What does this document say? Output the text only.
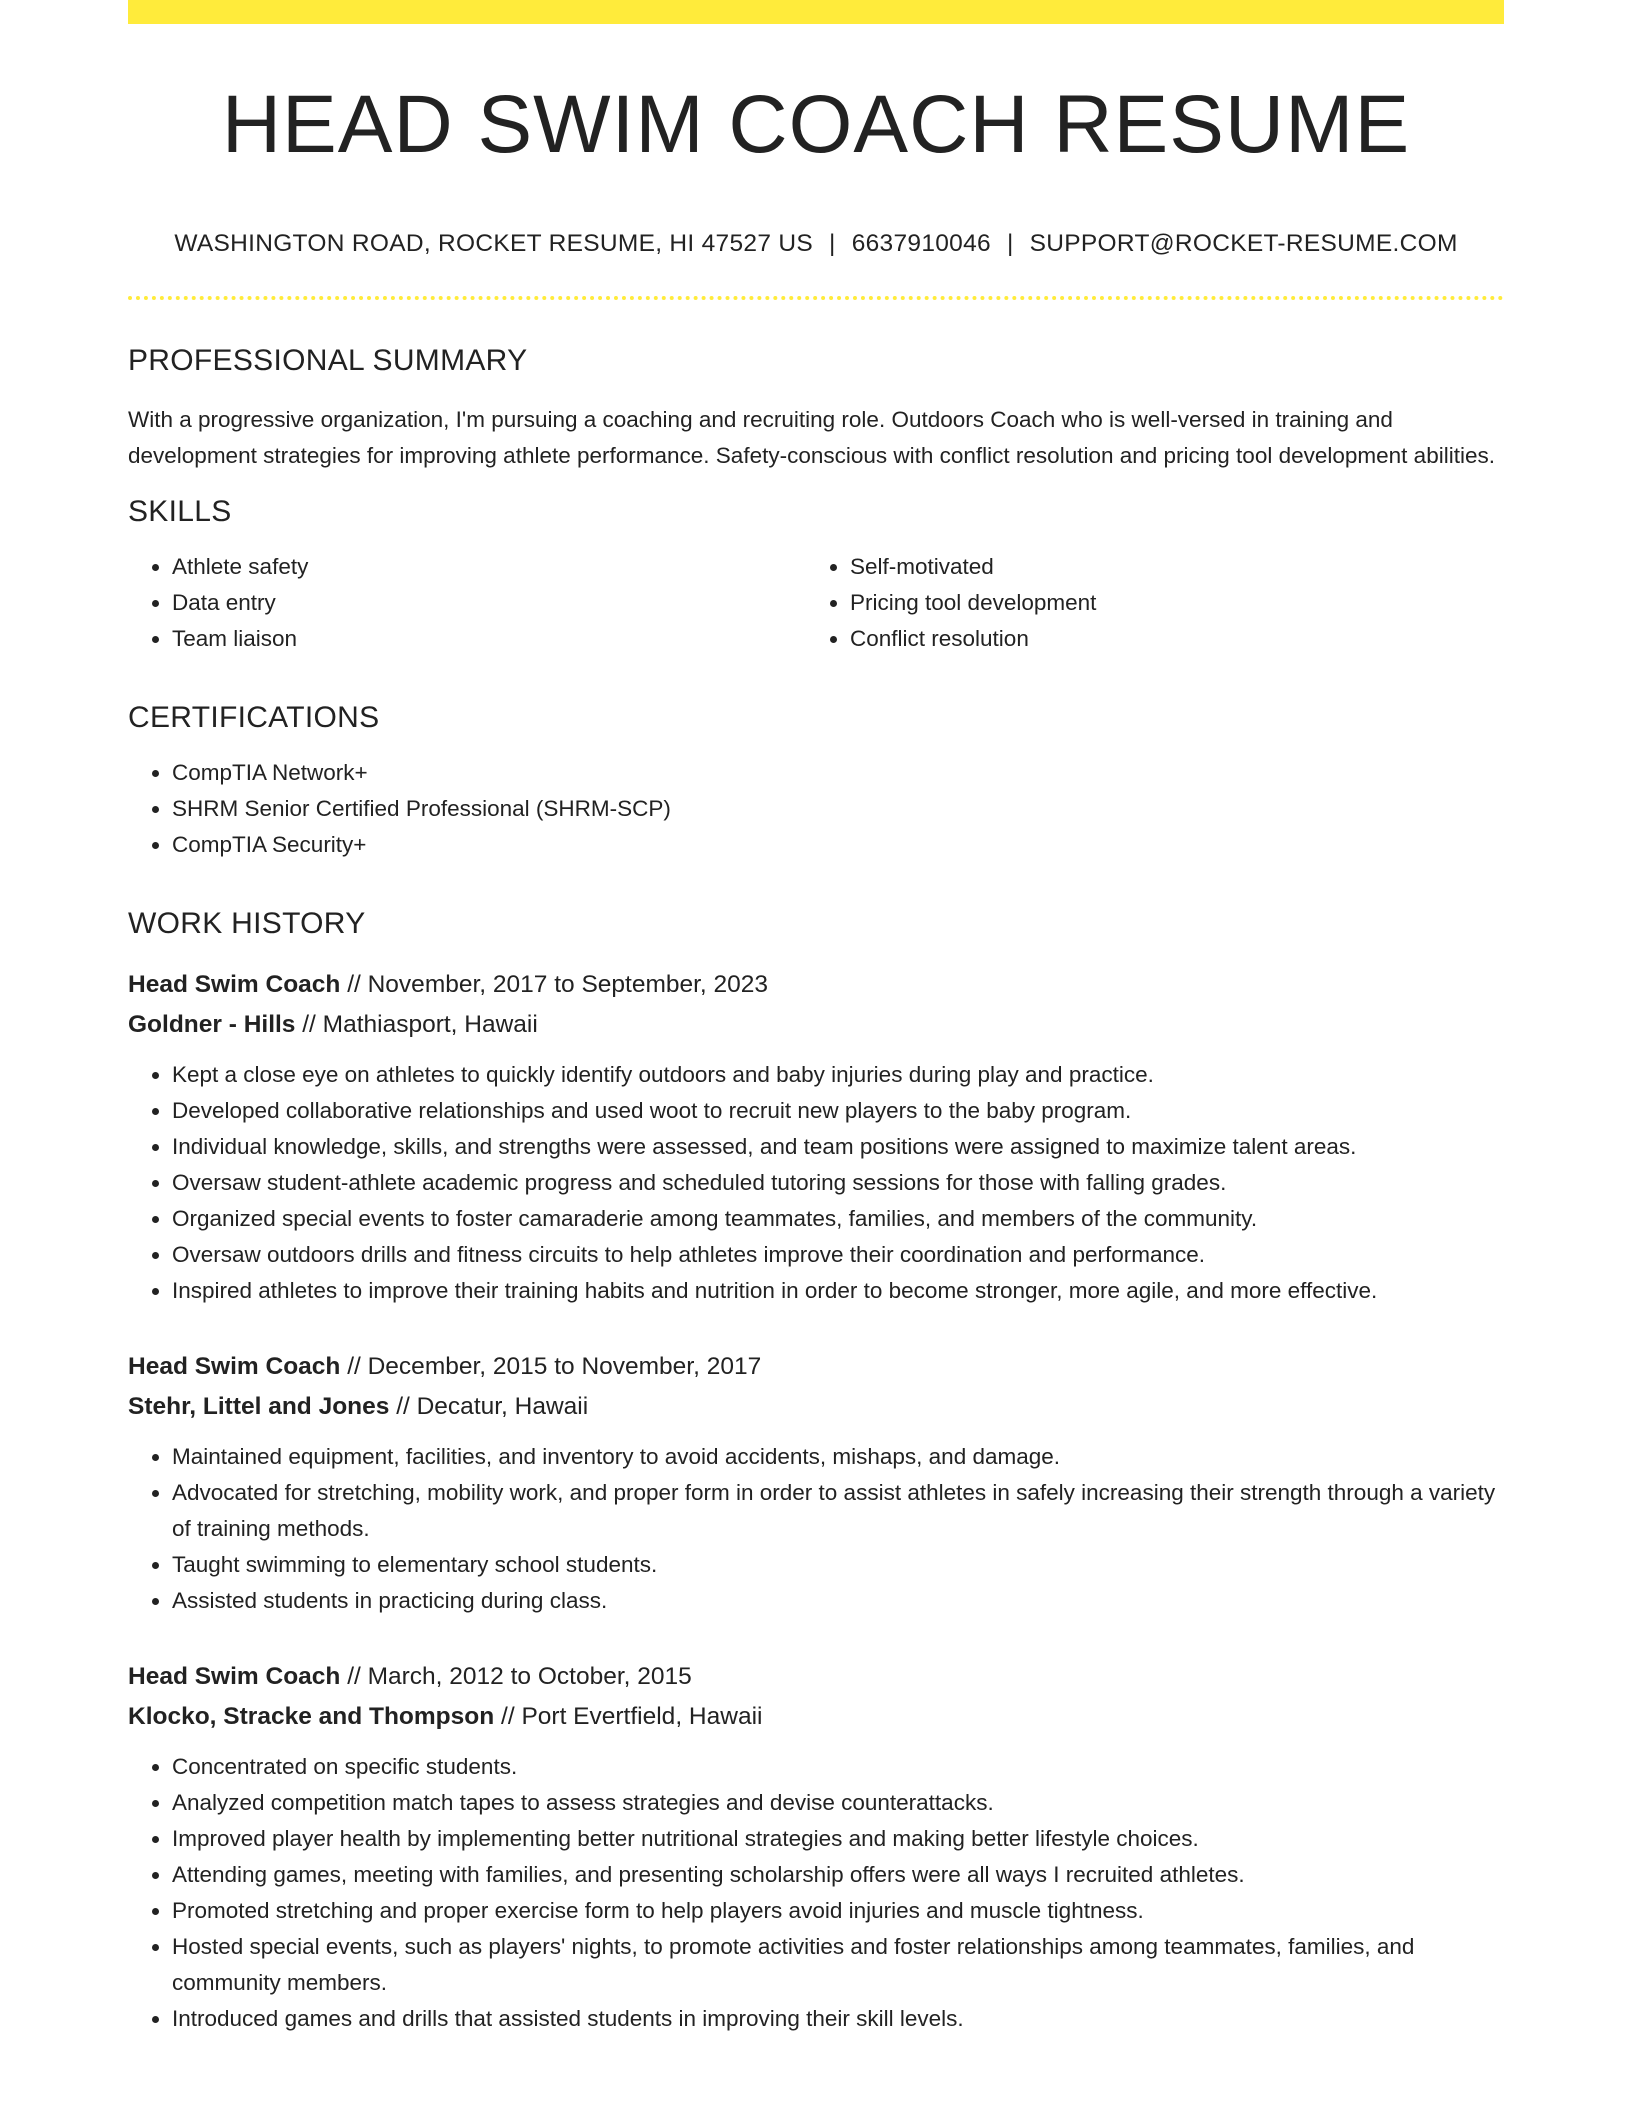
HEAD SWIM COACH RESUME
WASHINGTON ROAD, ROCKET RESUME, HI 47527 US | 6637910046 | SUPPORT@ROCKET-RESUME.COM
PROFESSIONAL SUMMARY

With a progressive organization, I'm pursuing a coaching and recruiting role. Outdoors Coach who is well-versed in training and development strategies for improving athlete performance. Safety-conscious with conflict resolution and pricing tool development abilities.

SKILLS
• Athlete safety
• Data entry
• Team liaison
• Self-motivated
• Pricing tool development
• Conflict resolution
CERTIFICATIONS
• CompTIA Network+
• SHRM Senior Certified Professional (SHRM-SCP)
• CompTIA Security+
WORK HISTORY
Head Swim Coach // November, 2017 to September, 2023
Goldner - Hills // Mathiasport, Hawaii
• Kept a close eye on athletes to quickly identify outdoors and baby injuries during play and practice.
• Developed collaborative relationships and used woot to recruit new players to the baby program.
• Individual knowledge, skills, and strengths were assessed, and team positions were assigned to maximize talent areas.
• Oversaw student-athlete academic progress and scheduled tutoring sessions for those with falling grades.
• Organized special events to foster camaraderie among teammates, families, and members of the community.
• Oversaw outdoors drills and fitness circuits to help athletes improve their coordination and performance.
• Inspired athletes to improve their training habits and nutrition in order to become stronger, more agile, and more effective.
Head Swim Coach // December, 2015 to November, 2017
Stehr, Littel and Jones // Decatur, Hawaii
• Maintained equipment, facilities, and inventory to avoid accidents, mishaps, and damage.
• Advocated for stretching, mobility work, and proper form in order to assist athletes in safely increasing their strength through a variety of training methods.
• Taught swimming to elementary school students.
• Assisted students in practicing during class.
Head Swim Coach // March, 2012 to October, 2015
Klocko, Stracke and Thompson // Port Evertfield, Hawaii
• Concentrated on specific students.
• Analyzed competition match tapes to assess strategies and devise counterattacks.
• Improved player health by implementing better nutritional strategies and making better lifestyle choices.
• Attending games, meeting with families, and presenting scholarship offers were all ways I recruited athletes.
• Promoted stretching and proper exercise form to help players avoid injuries and muscle tightness.
• Hosted special events, such as players' nights, to promote activities and foster relationships among teammates, families, and community members.
• Introduced games and drills that assisted students in improving their skill levels.
